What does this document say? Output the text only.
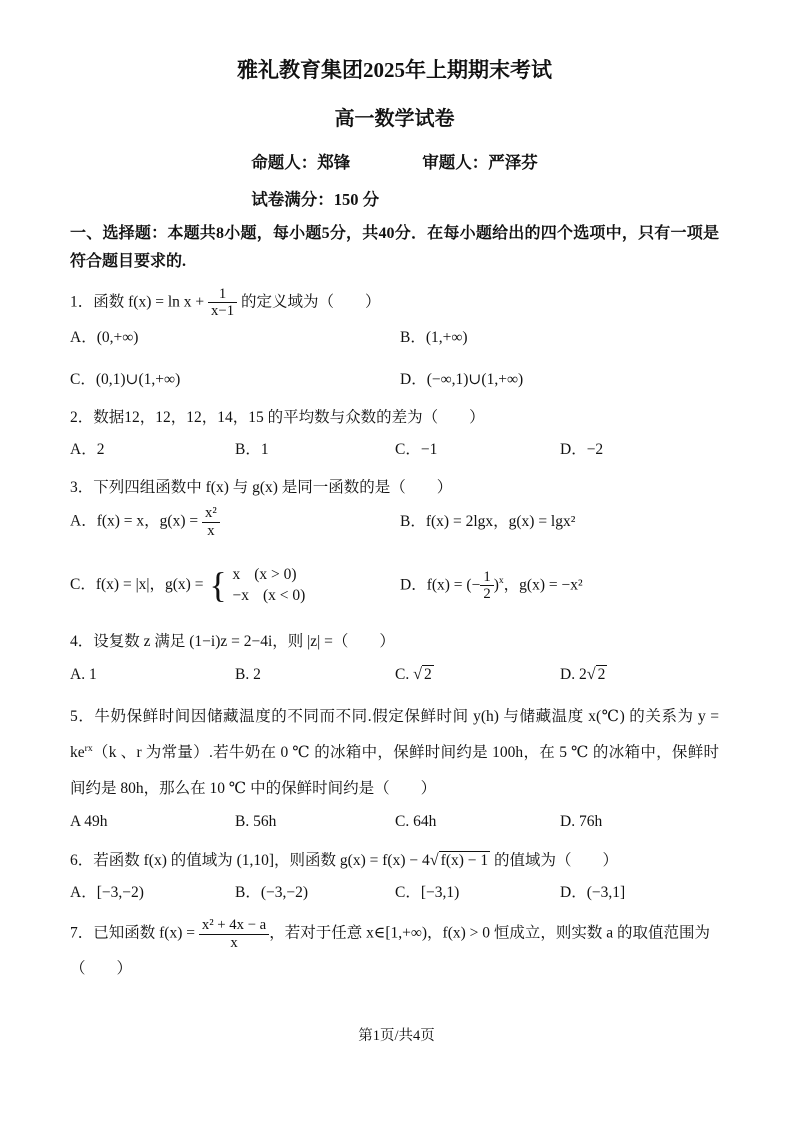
雅礼教育集团2025年上期期末考试
高一数学试卷
命题人：郑锋	审题人：严泽芬
试卷满分：150 分

一、选择题：本题共8小题，每小题5分，共40分．在每小题给出的四个选项中，只有一项是符合题目要求的.

1．函数 $f(x) = \ln x + \frac{1}{x-1}$ 的定义域为（　　）

A．(0,+∞)	B．(1,+∞)
C．(0,1)∪(1,+∞)	D．(−∞,1)∪(1,+∞)

2．数据12，12，12，14，15 的平均数与众数的差为（　　）

A．2	B．1	C．−1	D．−2

3．下列四组函数中 f(x) 与 g(x) 是同一函数的是（　　）

A．f(x) = x，$g(x) = \frac{\text{x²}}{x}$	B．f(x) = 2lgx，g(x) = lgx²
C．f(x) = |x|，g(x) = { x (x > 0)
−x (x < 0)
D．f(x) = (− $\frac{1}{2} )^x$，g(x) = −x²

4．设复数 z 满足 (1−i)z = 2−4i，则 |z| =（　　）

A. 1	B. 2	C. √ 2	D. 2√ 2

5．牛奶保鲜时间因储藏温度的不同而不同.假定保鲜时间 y(h) 与储藏温度 x(℃) 的关系为 $y = ke^{rx}(k$ 、r 为常量）.若牛奶在 0 ℃ 的冰箱中，保鲜时间约是 100h，在 5 ℃ 的冰箱中，保鲜时间约是 80h，那么在 10 ℃ 中的保鲜时间约是（　　）

A 49h	B. 56h	C. 64h	D. 76h

6．若函数 f(x) 的值域为 (1,10]，则函数 g(x) = f(x) − 4√ f(x) − 1 的值域为（　　）

A．[−3,−2)	B．(−3,−2)	C．[−3,1)	D．(−3,1]

7．已知函数 $f(x) = \frac{\text{x² + 4x − a}}{x}$ ，若对于任意 x∈[1,+∞)，f(x) > 0 恒成立，则实数 a 的取值范围为

（　　）

第1页/共4页
